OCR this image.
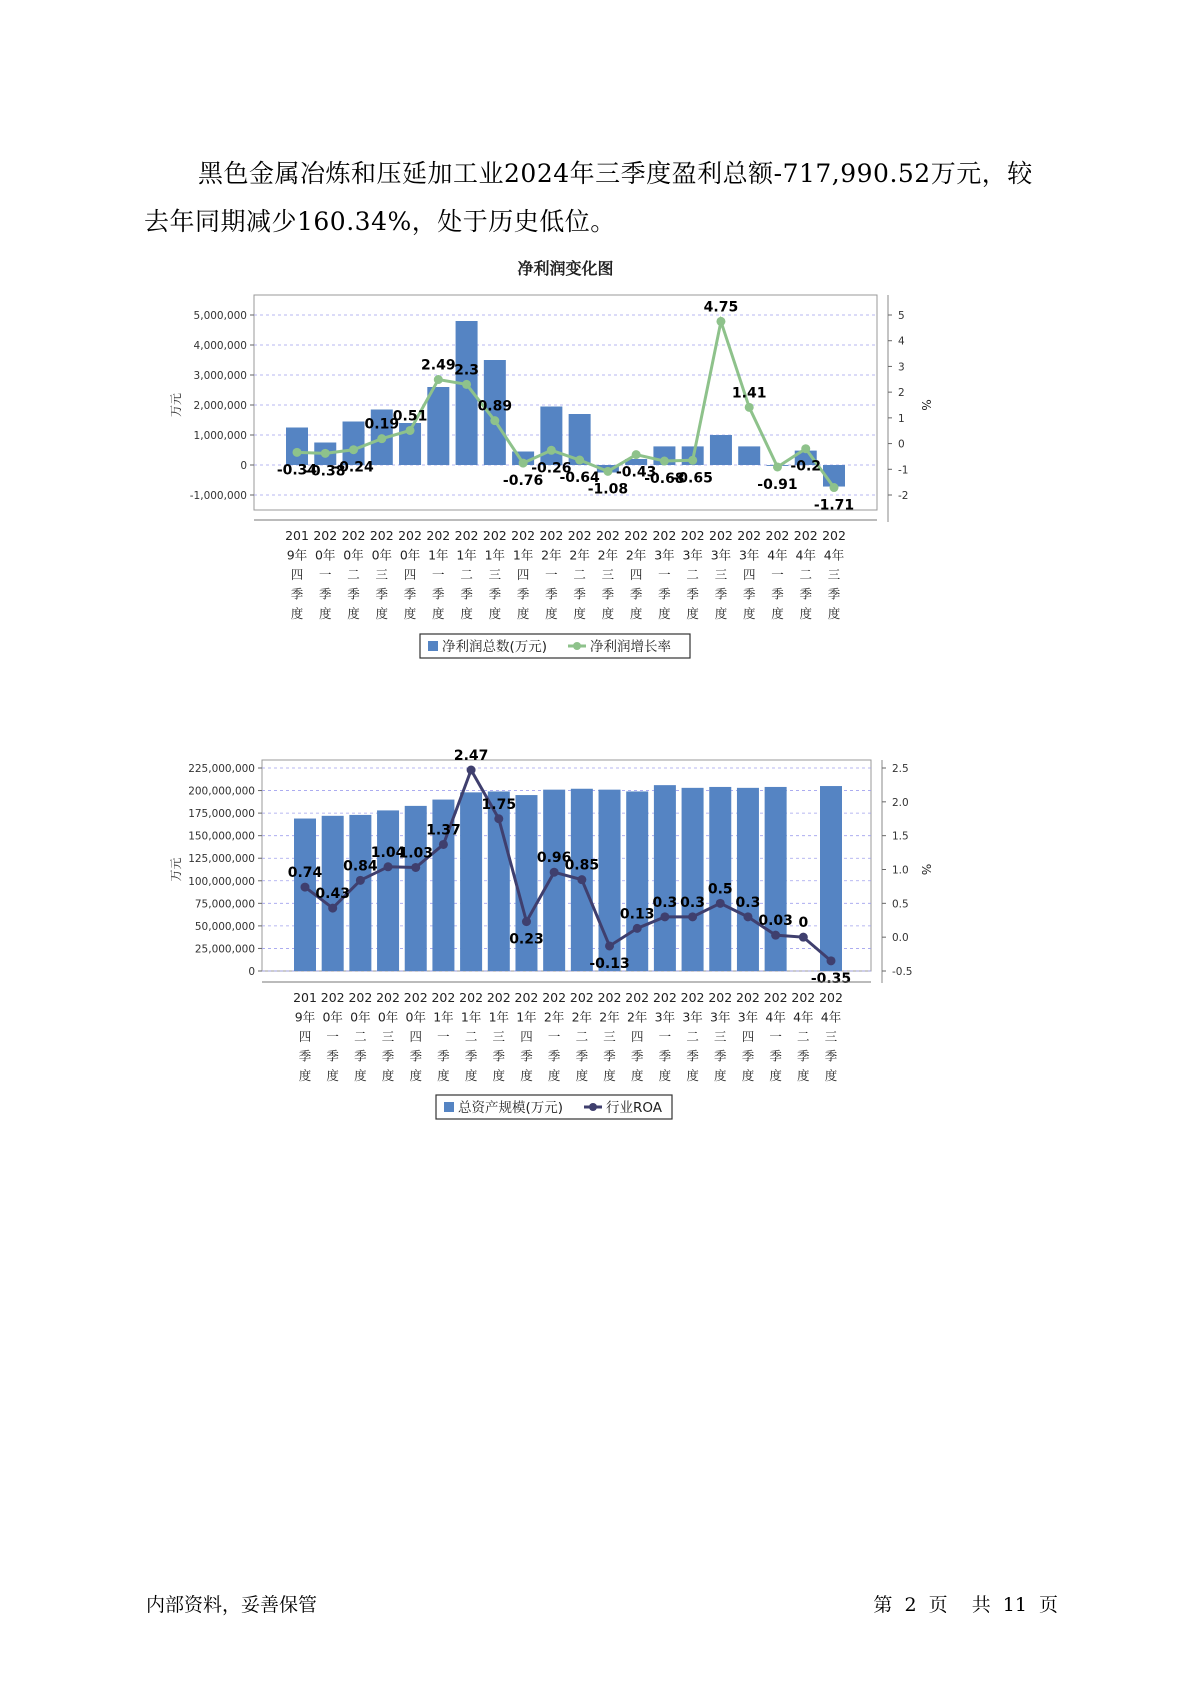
黑色金属冶炼和压延加工业2024年三季度盈利总额-717,990.52万元，较去年同期减少160.34%，处于历史低位。

净利润变化图
5,000,000
4,000,000
3,000,000
2,000,000
1,000,000
0
-1,000,000
5
4
3
2
1
0
-1
-2
万元	%
-0.34
-0.38
-0.24
0.19
0.51
2.49
2.3
0.89
-0.76
-0.26
-0.64
-1.08
-0.43
-0.68
-0.65
4.75
1.41
-0.91
-0.2
-1.71
201
9年
四
季
度
202
0年
一
季
度
202
0年
二
季
度
202
0年
三
季
度
202
0年
四
季
度
202
1年
一
季
度
202
1年
二
季
度
202
1年
三
季
度
202
1年
四
季
度
202
2年
一
季
度
202
2年
二
季
度
202
2年
三
季
度
202
2年
四
季
度
202
3年
一
季
度
202
3年
二
季
度
202
3年
三
季
度
202
3年
四
季
度
202
4年
一
季
度
202
4年
二
季
度
202
4年
三
季
度
净利润总数(万元)	净利润增长率
225,000,000
200,000,000
175,000,000
150,000,000
125,000,000
100,000,000
75,000,000
50,000,000
25,000,000
0
2.5
2.0
1.5
1.0
0.5
0.0
-0.5
万元	%
0.74
0.43
0.84
1.04
1.03
1.37
2.47
1.75
0.23
0.96
0.85
-0.13
0.13
0.3 0.3
0.5
0.3
0.03 0
-0.35
201
9年
四
季
度
202
0年
一
季
度
202
0年
二
季
度
202
0年
三
季
度
202
0年
四
季
度
202
1年
一
季
度
202
1年
二
季
度
202
1年
三
季
度
202
1年
四
季
度
202
2年
一
季
度
202
2年
二
季
度
202
2年
三
季
度
202
2年
四
季
度
202
3年
一
季
度
202
3年
二
季
度
202
3年
三
季
度
202
3年
四
季
度
202
4年
一
季
度
202
4年
二
季
度
202
4年
三
季
度
总资产规模(万元)	行业ROA
内部资料，妥善保管	第 2 页 共 11 页
